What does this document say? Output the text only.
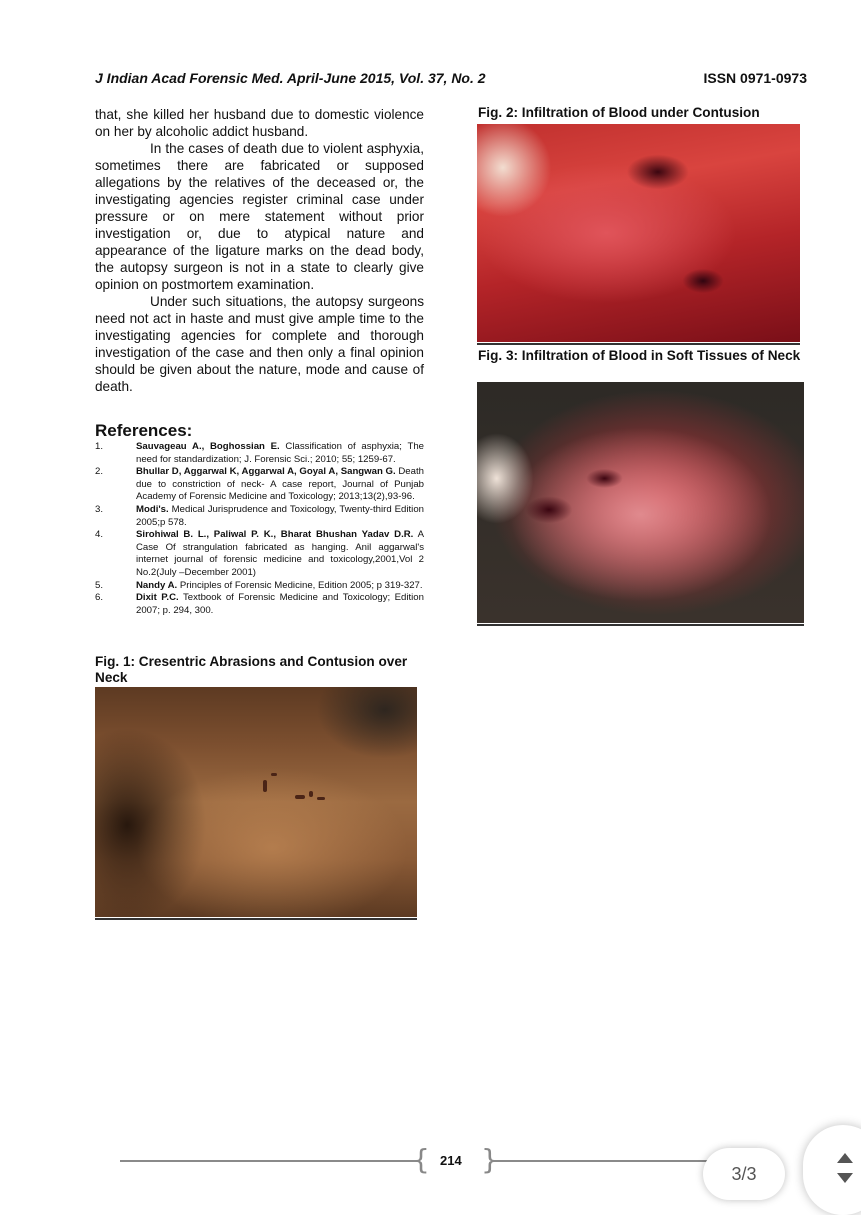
J Indian Acad Forensic Med. April-June 2015, Vol. 37, No. 2	ISSN 0971-0973

that, she killed her husband due to domestic violence on her by alcoholic addict husband.

In the cases of death due to violent asphyxia, sometimes there are fabricated or supposed allegations by the relatives of the deceased or, the investigating agencies register criminal case under pressure or on mere statement without prior investigation or, due to atypical nature and appearance of the ligature marks on the dead body, the autopsy surgeon is not in a state to clearly give opinion on postmortem examination.

Under such situations, the autopsy surgeons need not act in haste and must give ample time to the investigating agencies for complete and thorough investigation of the case and then only a final opinion should be given about the nature, mode and cause of death.

References:
1.	Sauvageau A., Boghossian E. Classification of asphyxia; The need for standardization; J. Forensic Sci.; 2010; 55; 1259-67.
2.	Bhullar D, Aggarwal K, Aggarwal A, Goyal A, Sangwan G. Death due to constriction of neck- A case report, Journal of Punjab Academy of Forensic Medicine and Toxicology; 2013;13(2),93-96.
3.	Modi's. Medical Jurisprudence and Toxicology, Twenty-third Edition 2005;p 578.
4.	Sirohiwal B. L., Paliwal P. K., Bharat Bhushan Yadav D.R. A Case Of strangulation fabricated as hanging. Anil aggarwal's internet journal of forensic medicine and toxicology,2001,Vol 2 No.2(July –December 2001)
5.	Nandy A. Principles of Forensic Medicine, Edition 2005; p 319-327.
6.	Dixit P.C. Textbook of Forensic Medicine and Toxicology; Edition 2007; p. 294, 300.
Fig. 1: Cresentric Abrasions and Contusion over Neck
Fig. 2: Infiltration of Blood under Contusion
Fig. 3: Infiltration of Blood in Soft Tissues of Neck
{ 214 }	3/3
